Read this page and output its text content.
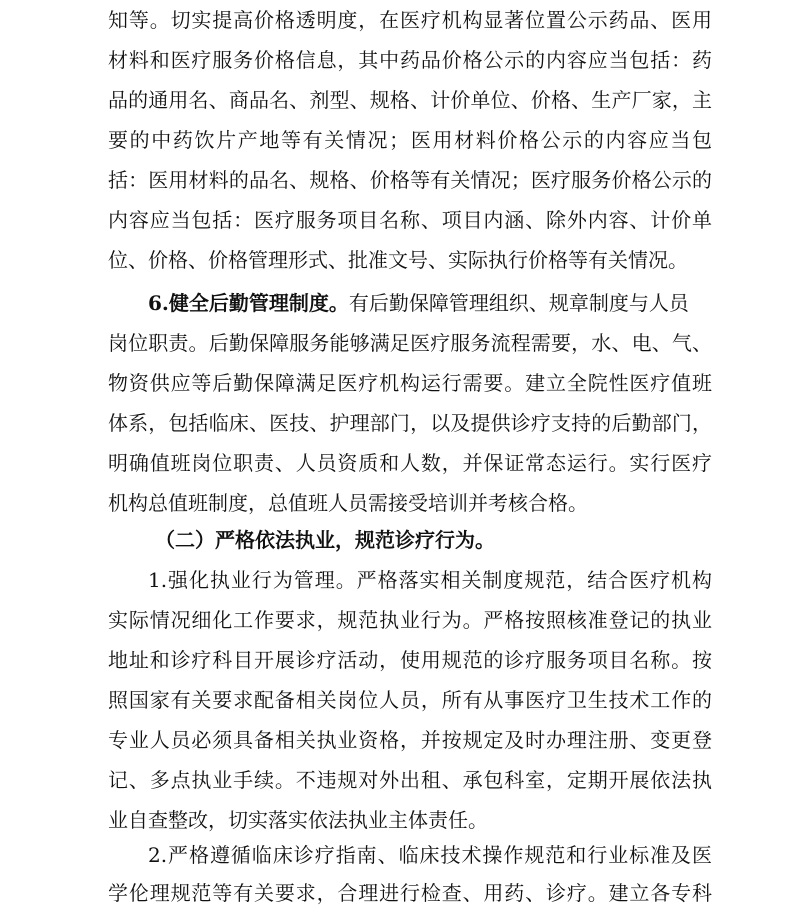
知等。切实提高价格透明度，在医疗机构显著位置公示药品、医用
材料和医疗服务价格信息，其中药品价格公示的内容应当包括：药
品的通用名、商品名、剂型、规格、计价单位、价格、生产厂家，主
要的中药饮片产地等有关情况；医用材料价格公示的内容应当包
括：医用材料的品名、规格、价格等有关情况；医疗服务价格公示的
内容应当包括：医疗服务项目名称、项目内涵、除外内容、计价单
位、价格、价格管理形式、批准文号、实际执行价格等有关情况。
6.健全后勤管理制度。有后勤保障管理组织、规章制度与人员
岗位职责。后勤保障服务能够满足医疗服务流程需要，水、电、气、
物资供应等后勤保障满足医疗机构运行需要。建立全院性医疗值班
体系，包括临床、医技、护理部门，以及提供诊疗支持的后勤部门，
明确值班岗位职责、人员资质和人数，并保证常态运行。实行医疗
机构总值班制度，总值班人员需接受培训并考核合格。
（二）严格依法执业，规范诊疗行为。
1.强化执业行为管理。严格落实相关制度规范，结合医疗机构
实际情况细化工作要求，规范执业行为。严格按照核准登记的执业
地址和诊疗科目开展诊疗活动，使用规范的诊疗服务项目名称。按
照国家有关要求配备相关岗位人员，所有从事医疗卫生技术工作的
专业人员必须具备相关执业资格，并按规定及时办理注册、变更登
记、多点执业手续。不违规对外出租、承包科室，定期开展依法执
业自查整改，切实落实依法执业主体责任。
2.严格遵循临床诊疗指南、临床技术操作规范和行业标准及医
学伦理规范等有关要求，合理进行检查、用药、诊疗。建立各专科
